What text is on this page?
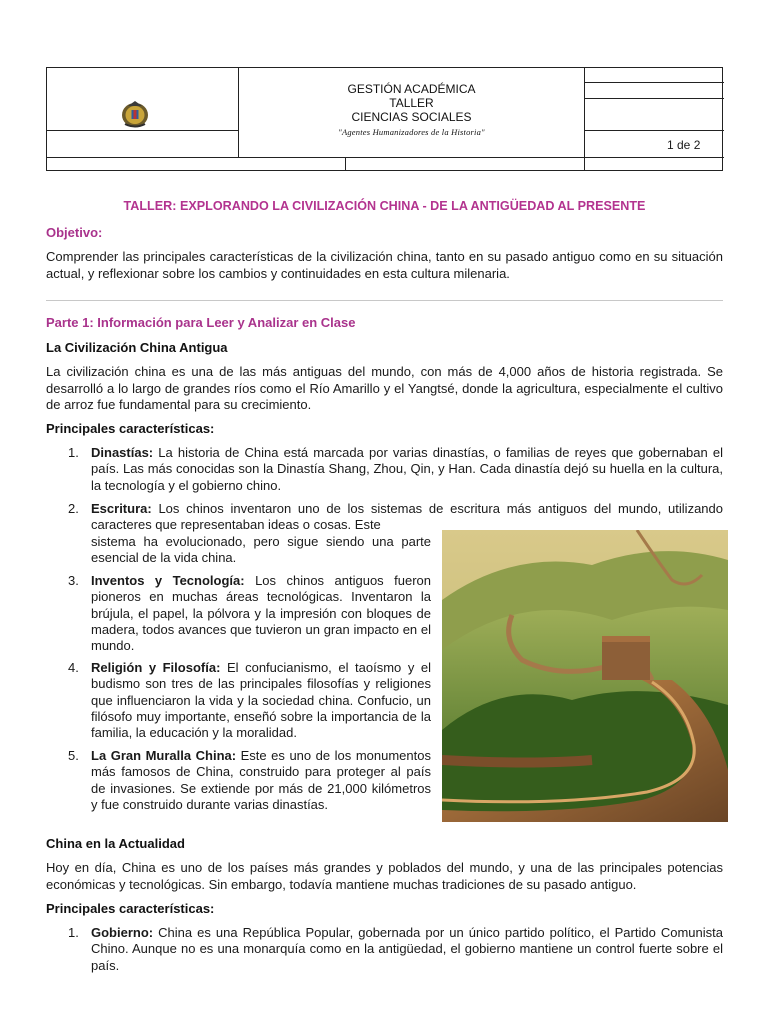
GESTIÓN ACADÉMICA
TALLER
CIENCIAS SOCIALES
"Agentes Humanizadores de la Historia"
1 de 2
TALLER: EXPLORANDO LA CIVILIZACIÓN CHINA - DE LA ANTIGÜEDAD AL PRESENTE
Objetivo:
Comprender las principales características de la civilización china, tanto en su pasado antiguo como en su situación actual, y reflexionar sobre los cambios y continuidades en esta cultura milenaria.
Parte 1: Información para Leer y Analizar en Clase
La Civilización China Antigua
La civilización china es una de las más antiguas del mundo, con más de 4,000 años de historia registrada. Se desarrolló a lo largo de grandes ríos como el Río Amarillo y el Yangtsé, donde la agricultura, especialmente el cultivo de arroz fue fundamental para su crecimiento.
Principales características:
1. Dinastías: La historia de China está marcada por varias dinastías, o familias de reyes que gobernaban el país. Las más conocidas son la Dinastía Shang, Zhou, Qin, y Han. Cada dinastía dejó su huella en la cultura, la tecnología y el gobierno chino.
2. Escritura: Los chinos inventaron uno de los sistemas de escritura más antiguos del mundo, utilizando caracteres que representaban ideas o cosas. Este
sistema ha evolucionado, pero sigue siendo una parte esencial de la vida china.
3. Inventos y Tecnología: Los chinos antiguos fueron pioneros en muchas áreas tecnológicas. Inventaron la brújula, el papel, la pólvora y la impresión con bloques de madera, todos avances que tuvieron un gran impacto en el mundo.
4. Religión y Filosofía: El confucianismo, el taoísmo y el budismo son tres de las principales filosofías y religiones que influenciaron la vida y la sociedad china. Confucio, un filósofo muy importante, enseñó sobre la importancia de la familia, la educación y la moralidad.
5. La Gran Muralla China: Este es uno de los monumentos más famosos de China, construido para proteger al país de invasiones. Se extiende por más de 21,000 kilómetros y fue construido durante varias dinastías.
China en la Actualidad
Hoy en día, China es uno de los países más grandes y poblados del mundo, y una de las principales potencias económicas y tecnológicas. Sin embargo, todavía mantiene muchas tradiciones de su pasado antiguo.
Principales características:
1. Gobierno: China es una República Popular, gobernada por un único partido político, el Partido Comunista Chino. Aunque no es una monarquía como en la antigüedad, el gobierno mantiene un control fuerte sobre el país.
